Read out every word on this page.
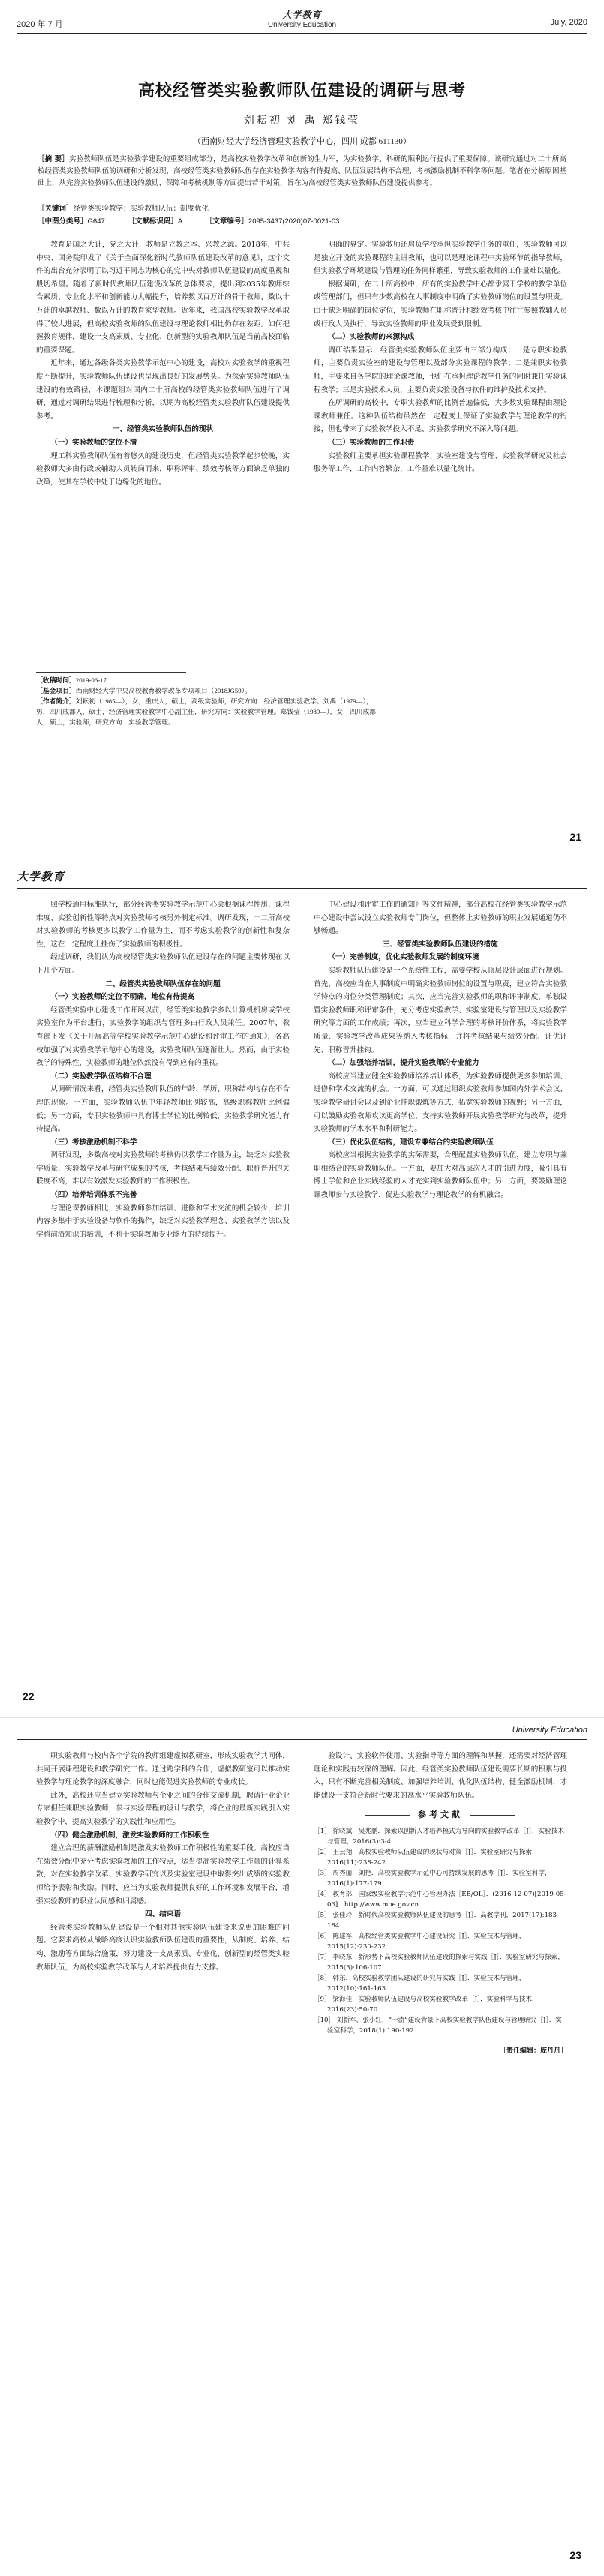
2020 年 7 月
大学教育
University Education	July, 2020
高校经管类实验教师队伍建设的调研与思考
刘耘初 刘 禹 郑钱莹
（西南财经大学经济管理实验教学中心，四川 成都 611130）
［摘 要］实验教师队伍是实验教学建设的重要组成部分，是高校实验教学改革和创新的生力军，为实验教学、科研的顺利运行提供了重要保障。该研究通过对二十所高校经管类实验教师队伍的调研和分析发现，高校经管类实验教师队伍存在实验教学内容有待提高、队伍发展结构不合理、考核激励机制不科学等问题。笔者在分析原因基础上，从完善实验教师队伍建设的激励、保障和考核机制等方面提出若干对策，旨在为高校经管类实验教师队伍建设提供参考。
［关键词］经管类实验教学；实验教师队伍；制度优化
［中图分类号］G647	［文献标识码］A	［文章编号］2095-3437(2020)07-0021-03

教育是国之大计，党之大计，教师是立教之本、兴教之源。2018年，中共中央、国务院印发了《关于全面深化新时代教师队伍建设改革的意见》，这个文件的出台充分表明了以习近平同志为核心的党中央对教师队伍建设的高度重视和殷切希望。随着了新时代教师队伍建设改革的总体要求，提出到2035年教师综合素质、专业化水平和创新能力大幅提升，培养数以百万计的骨干教师、数以十万计的卓越教师、数以万计的教育家型教师。近年来，我国高校实验教学改革取得了较大进展，但高校实验教师的队伍建设与理论教师相比仍存在差距。如何把握教育规律，建设一支高素质、专业化、创新型的实验教师队伍是当前高校面临的重要课题。

近年来，通过各级各类实验教学示范中心的建设，高校对实验教学的重视程度不断提升，实验教师队伍建设也呈现出良好的发展势头。为探索实验教师队伍建设的有效路径，本课题组对国内二十所高校的经管类实验教师队伍进行了调研，通过对调研结果进行梳理和分析，以期为高校经管类实验教师队伍建设提供参考。

一、经管类实验教师队伍的现状
（一）实验教师的定位不清

理工科实验教师队伍有着悠久的建设历史，但经管类实验教学起步较晚，实验教师大多由行政或辅助人员转岗而来，职称评审、绩效考核等方面缺乏单独的政策，使其在学校中处于边缘化的地位。

明确的界定。实验教师还肩负学校承担实验教学任务的重任，实验教师可以是独立开设的实验课程的主讲教师，也可以是理论课程中实验环节的指导教师，但实验教学环境建设与管理的任务同样繁重，导致实验教师的工作量难以量化。

根据调研，在二十所高校中，所有的实验教学中心都隶属于学校的教学单位或管理部门，但只有少数高校在人事制度中明确了实验教师岗位的设置与职责。由于缺乏明确的岗位定位，实验教师在职称晋升和绩效考核中往往参照教辅人员或行政人员执行，导致实验教师的职业发展受到限制。

（二）实验教师的来源构成

调研结果显示，经管类实验教师队伍主要由三部分构成：一是专职实验教师，主要负责实验室的建设与管理以及部分实验课程的教学；二是兼职实验教师，主要来自各学院的理论课教师，他们在承担理论教学任务的同时兼任实验课程教学；三是实验技术人员，主要负责实验设备与软件的维护及技术支持。

在所调研的高校中，专职实验教师的比例普遍偏低，大多数实验课程由理论课教师兼任。这种队伍结构虽然在一定程度上保证了实验教学与理论教学的衔接，但也带来了实验教学投入不足、实验教学研究不深入等问题。

（三）实验教师的工作职责

实验教师主要承担实验课程教学、实验室建设与管理、实验教学研究及社会服务等工作，工作内容繁杂，工作量难以量化统计。

［收稿时间］2019-06-17
［基金项目］西南财经大学中央高校教育教学改革专项项目（2018JG59）。
［作者简介］刘耘初（1985—），女，重庆人，硕士，高级实验师，研究方向：经济管理实验教学。刘禹（1979—），男，四川成都人，硕士，经济管理实验教学中心副主任，研究方向：实验教学管理。郑钱莹（1989—），女，四川成都人，硕士，实验师，研究方向：实验教学管理。
21
大学教育

照学校通用标准执行，部分经管类实验教学示范中心会根据课程性质、课程难度、实验创新性等特点对实验教师考核另外制定标准。调研发现，十二所高校对实验教师的考核更多以教学工作量为主，而不考虑实验教学的创新性和复杂性，这在一定程度上挫伤了实验教师的积极性。

经过调研，我们认为高校经管类实验教师队伍建设存在的问题主要体现在以下几个方面。

二、经管类实验教师队伍存在的问题
（一）实验教师的定位不明确，地位有待提高

经管类实验中心建设工作开展以前，经管类实验教学多以计算机机房或学校实验室作为平台进行，实验教学的组织与管理多由行政人员兼任。2007年，教育部下发《关于开展高等学校实验教学示范中心建设和评审工作的通知》，各高校加强了对实验教学示范中心的建设，实验教师队伍逐渐壮大。然而，由于实验教学的特殊性，实验教师的地位依然没有得到应有的重视。

（二）实验教学队伍结构不合理

从调研情况来看，经管类实验教师队伍的年龄、学历、职称结构均存在不合理的现象。一方面，实验教师队伍中年轻教师比例较高，高级职称教师比例偏低；另一方面，专职实验教师中具有博士学位的比例较低，实验教学研究能力有待提高。

（三）考核激励机制不科学

调研发现，多数高校对实验教师的考核仍以教学工作量为主，缺乏对实验教学质量、实验教学改革与研究成果的考核，考核结果与绩效分配、职称晋升的关联度不高，难以有效激发实验教师的工作积极性。

（四）培养培训体系不完善

与理论课教师相比，实验教师参加培训、进修和学术交流的机会较少，培训内容多集中于实验设备与软件的操作，缺乏对实验教学理念、实验教学方法以及学科前沿知识的培训，不利于实验教师专业能力的持续提升。

中心建设和评审工作的通知》等文件精神，部分高校在经管类实验教学示范中心建设中尝试设立实验教师专门岗位，但整体上实验教师的职业发展通道仍不够畅通。

三、经管类实验教师队伍建设的措施
（一）完善制度，优化实验教师发展的制度环境

实验教师队伍建设是一个系统性工程，需要学校从顶层设计层面进行规划。首先，高校应当在人事制度中明确实验教师岗位的设置与职责，建立符合实验教学特点的岗位分类管理制度；其次，应当完善实验教师的职称评审制度，单独设置实验教师职称评审条件，充分考虑实验教学、实验室建设与管理以及实验教学研究等方面的工作成绩；再次，应当建立科学合理的考核评价体系，将实验教学质量、实验教学改革成果等纳入考核指标，并将考核结果与绩效分配、评优评先、职称晋升挂钩。

（二）加强培养培训，提升实验教师的专业能力

高校应当建立健全实验教师培养培训体系，为实验教师提供更多参加培训、进修和学术交流的机会。一方面，可以通过组织实验教师参加国内外学术会议、实验教学研讨会以及到企业挂职锻炼等方式，拓宽实验教师的视野；另一方面，可以鼓励实验教师攻读更高学位，支持实验教师开展实验教学研究与改革，提升实验教师的学术水平和科研能力。

（三）优化队伍结构，建设专兼结合的实验教师队伍

高校应当根据实验教学的实际需要，合理配置实验教师队伍，建立专职与兼职相结合的实验教师队伍。一方面，要加大对高层次人才的引进力度，吸引具有博士学位和企业实践经验的人才充实到实验教师队伍中；另一方面，要鼓励理论课教师参与实验教学，促进实验教学与理论教学的有机融合。

22
University Education

职实验教师与校内各个学院的教师组建虚拟教研室，形成实验教学共同体，共同开展课程建设和教学研究工作。通过跨学科的合作，虚拟教研室可以推动实验教学与理论教学的深度融合，同时也能促进实验教师的专业成长。

此外，高校还应当建立实验教师与企业之间的合作交流机制，聘请行业企业专家担任兼职实验教师，参与实验课程的设计与教学，将企业的最新实践引入实验教学中，提高实验教学的实践性和应用性。

（四）健全激励机制，激发实验教师的工作积极性

建立合理的薪酬激励机制是激发实验教师工作积极性的重要手段。高校应当在绩效分配中充分考虑实验教师的工作特点，适当提高实验教学工作量的计算系数，对在实验教学改革、实验教学研究以及实验室建设中取得突出成绩的实验教师给予表彰和奖励。同时，应当为实验教师提供良好的工作环境和发展平台，增强实验教师的职业认同感和归属感。

四、结束语

经管类实验教师队伍建设是一个相对其他实验队伍建设来说更加困难的问题。它要求高校从战略高度认识实验教师队伍建设的重要性，从制度、培养、结构、激励等方面综合施策，努力建设一支高素质、专业化、创新型的经管类实验教师队伍，为高校实验教学改革与人才培养提供有力支撑。

验设计、实验软件使用、实验指导等方面的理解和掌握，还需要对经济管理理论和实践有较深的理解。因此，经管类实验教师队伍建设需要长期的积累与投入，只有不断完善相关制度、加强培养培训、优化队伍结构、健全激励机制，才能建设一支符合新时代要求的高水平实验教师队伍。

参考文献
［1］ 徐晓斌，吴兆鹏．探索以创新人才培养模式为导向的实验教学改革［J］．实验技术与管理，2016(3):3-4.
［2］ 王云翔．高校实验教师队伍建设的现状与对策［J］．实验室研究与探索，2016(11):238-242.
［3］ 周秀丽，刘艳．高校实验教学示范中心可持续发展的思考［J］．实验室科学，2016(1):177-179.
［4］ 教育部．国家级实验教学示范中心管理办法［EB/OL］．(2016-12-07)[2019-05-03]．http://www.moe.gov.cn.
［5］ 张佳玲．新时代高校实验教师队伍建设的思考［J］．高教学刊，2017(17):183-184.
［6］ 陈建军．高校经管类实验教学中心建设研究［J］．实验技术与管理，2015(12):230-232.
［7］ 李晓东．新形势下高校实验教师队伍建设的探索与实践［J］．实验室研究与探索，2015(3):106-107.
［8］ 韩东．高校实验教学团队建设的研究与实践［J］．实验技术与管理，2012(10):161-163.
［9］ 梁海佳．实验教师队伍建设与高校实验教学改革［J］．实验科学与技术，2016(23):50-70.
［10］ 刘新军，张小红．“一流”建设背景下高校实验教学队伍建设与管理研究［J］．实验室科学，2018(1):190-192.
［责任编辑：庞丹丹］
23
